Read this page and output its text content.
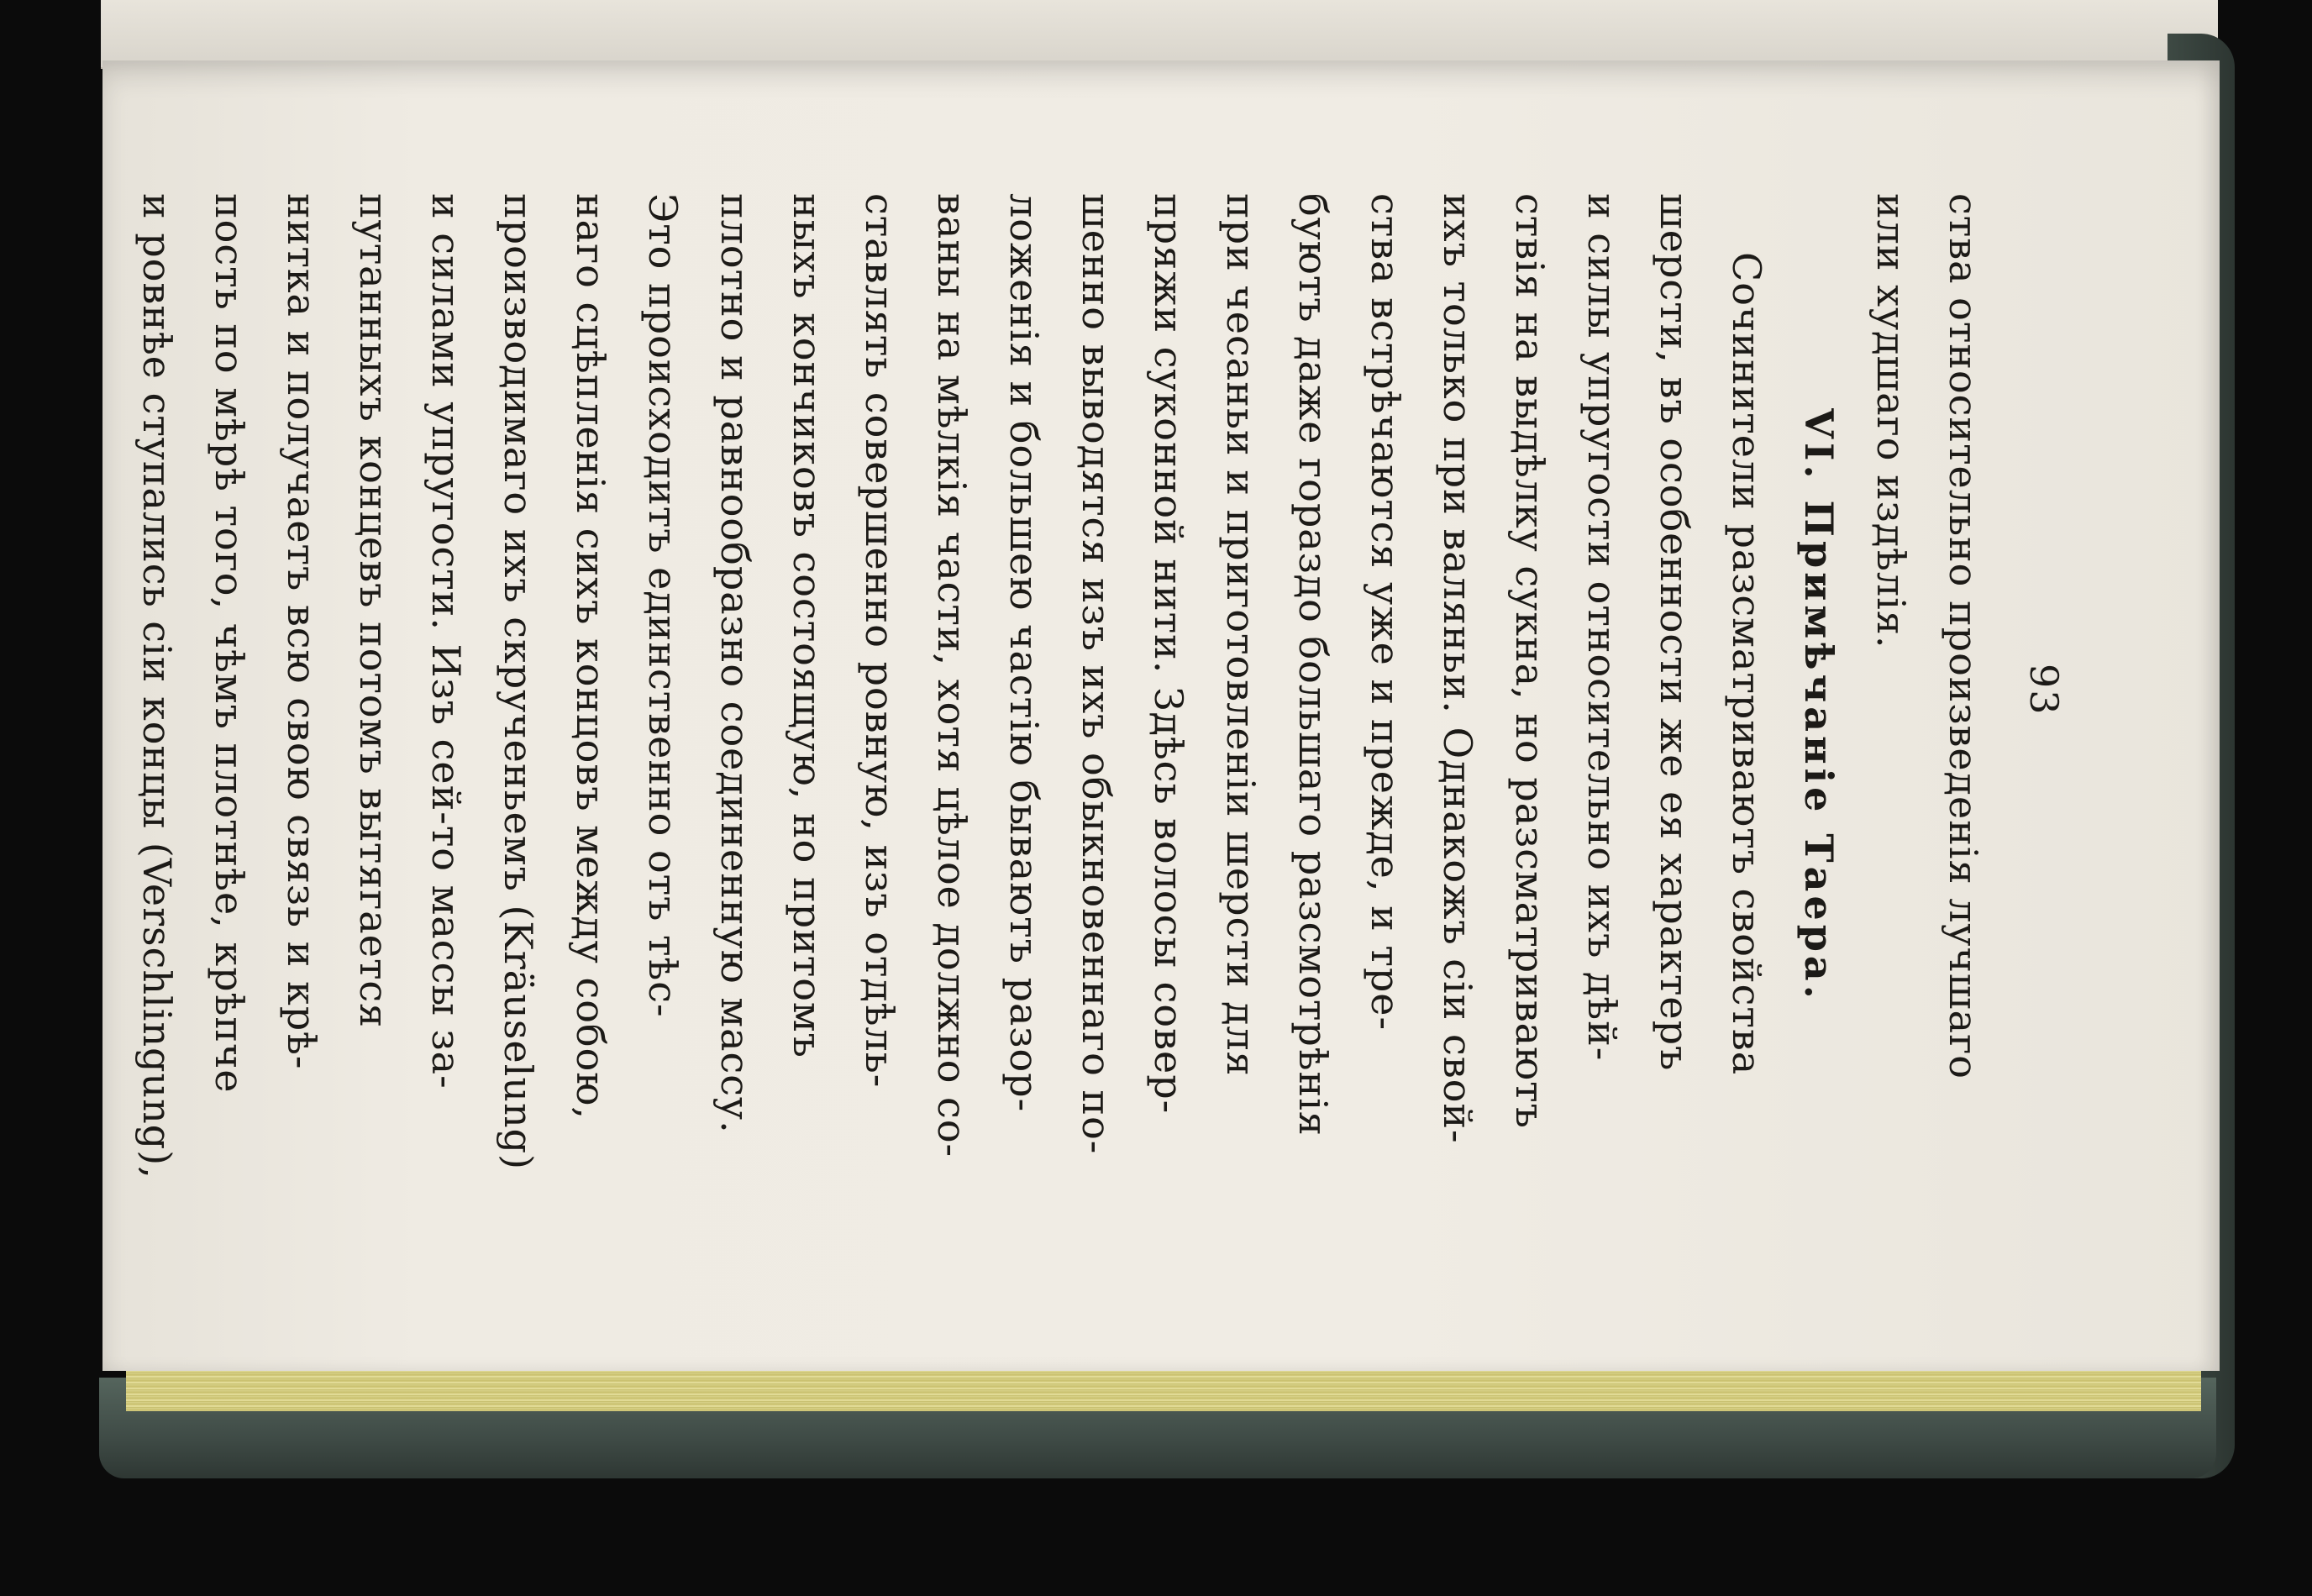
93
ства относительно произведенія лучшаго
или худшаго издѣлія.
VI. Примѣчаніе Таера.
Сочинители разсматриваютъ свойства
шерсти, въ особенности же ея характеръ
и силы упругости относительно ихъ дѣй-
ствія на выдѣлку сукна, но разсматриваютъ
ихъ только при валяньи. Однакожъ сіи свой-
ства встрѣчаются уже и прежде, и тре-
буютъ даже гораздо большаго разсмотрѣнія
при чесаньи и приготовленіи шерсти для
пряжи суконной нити. Здѣсь волосы совер-
шенно выводятся изъ ихъ обыкновеннаго по-
ложенія и большею частію бываютъ разор-
ваны на мѣлкія части, хотя цѣлое должно со-
ставлять совершенно ровную, изъ отдѣль-
ныхъ кончиковъ состоящую, но притомъ
плотно и равнообразно соединенную массу.
Это происходитъ единственно отъ тѣс-
наго сцѣпленія сихъ концовъ между собою,
производимаго ихъ скрученьемъ (Kräuselung)
и силами упругости. Изъ сей-то массы за-
путанныхъ концевъ потомъ вытягается
нитка и получаетъ всю свою связь и крѣ-
пость по мѣрѣ того, чѣмъ плотнѣе, крѣпче
и ровнѣе ступались сіи концы (Verschlingung),
